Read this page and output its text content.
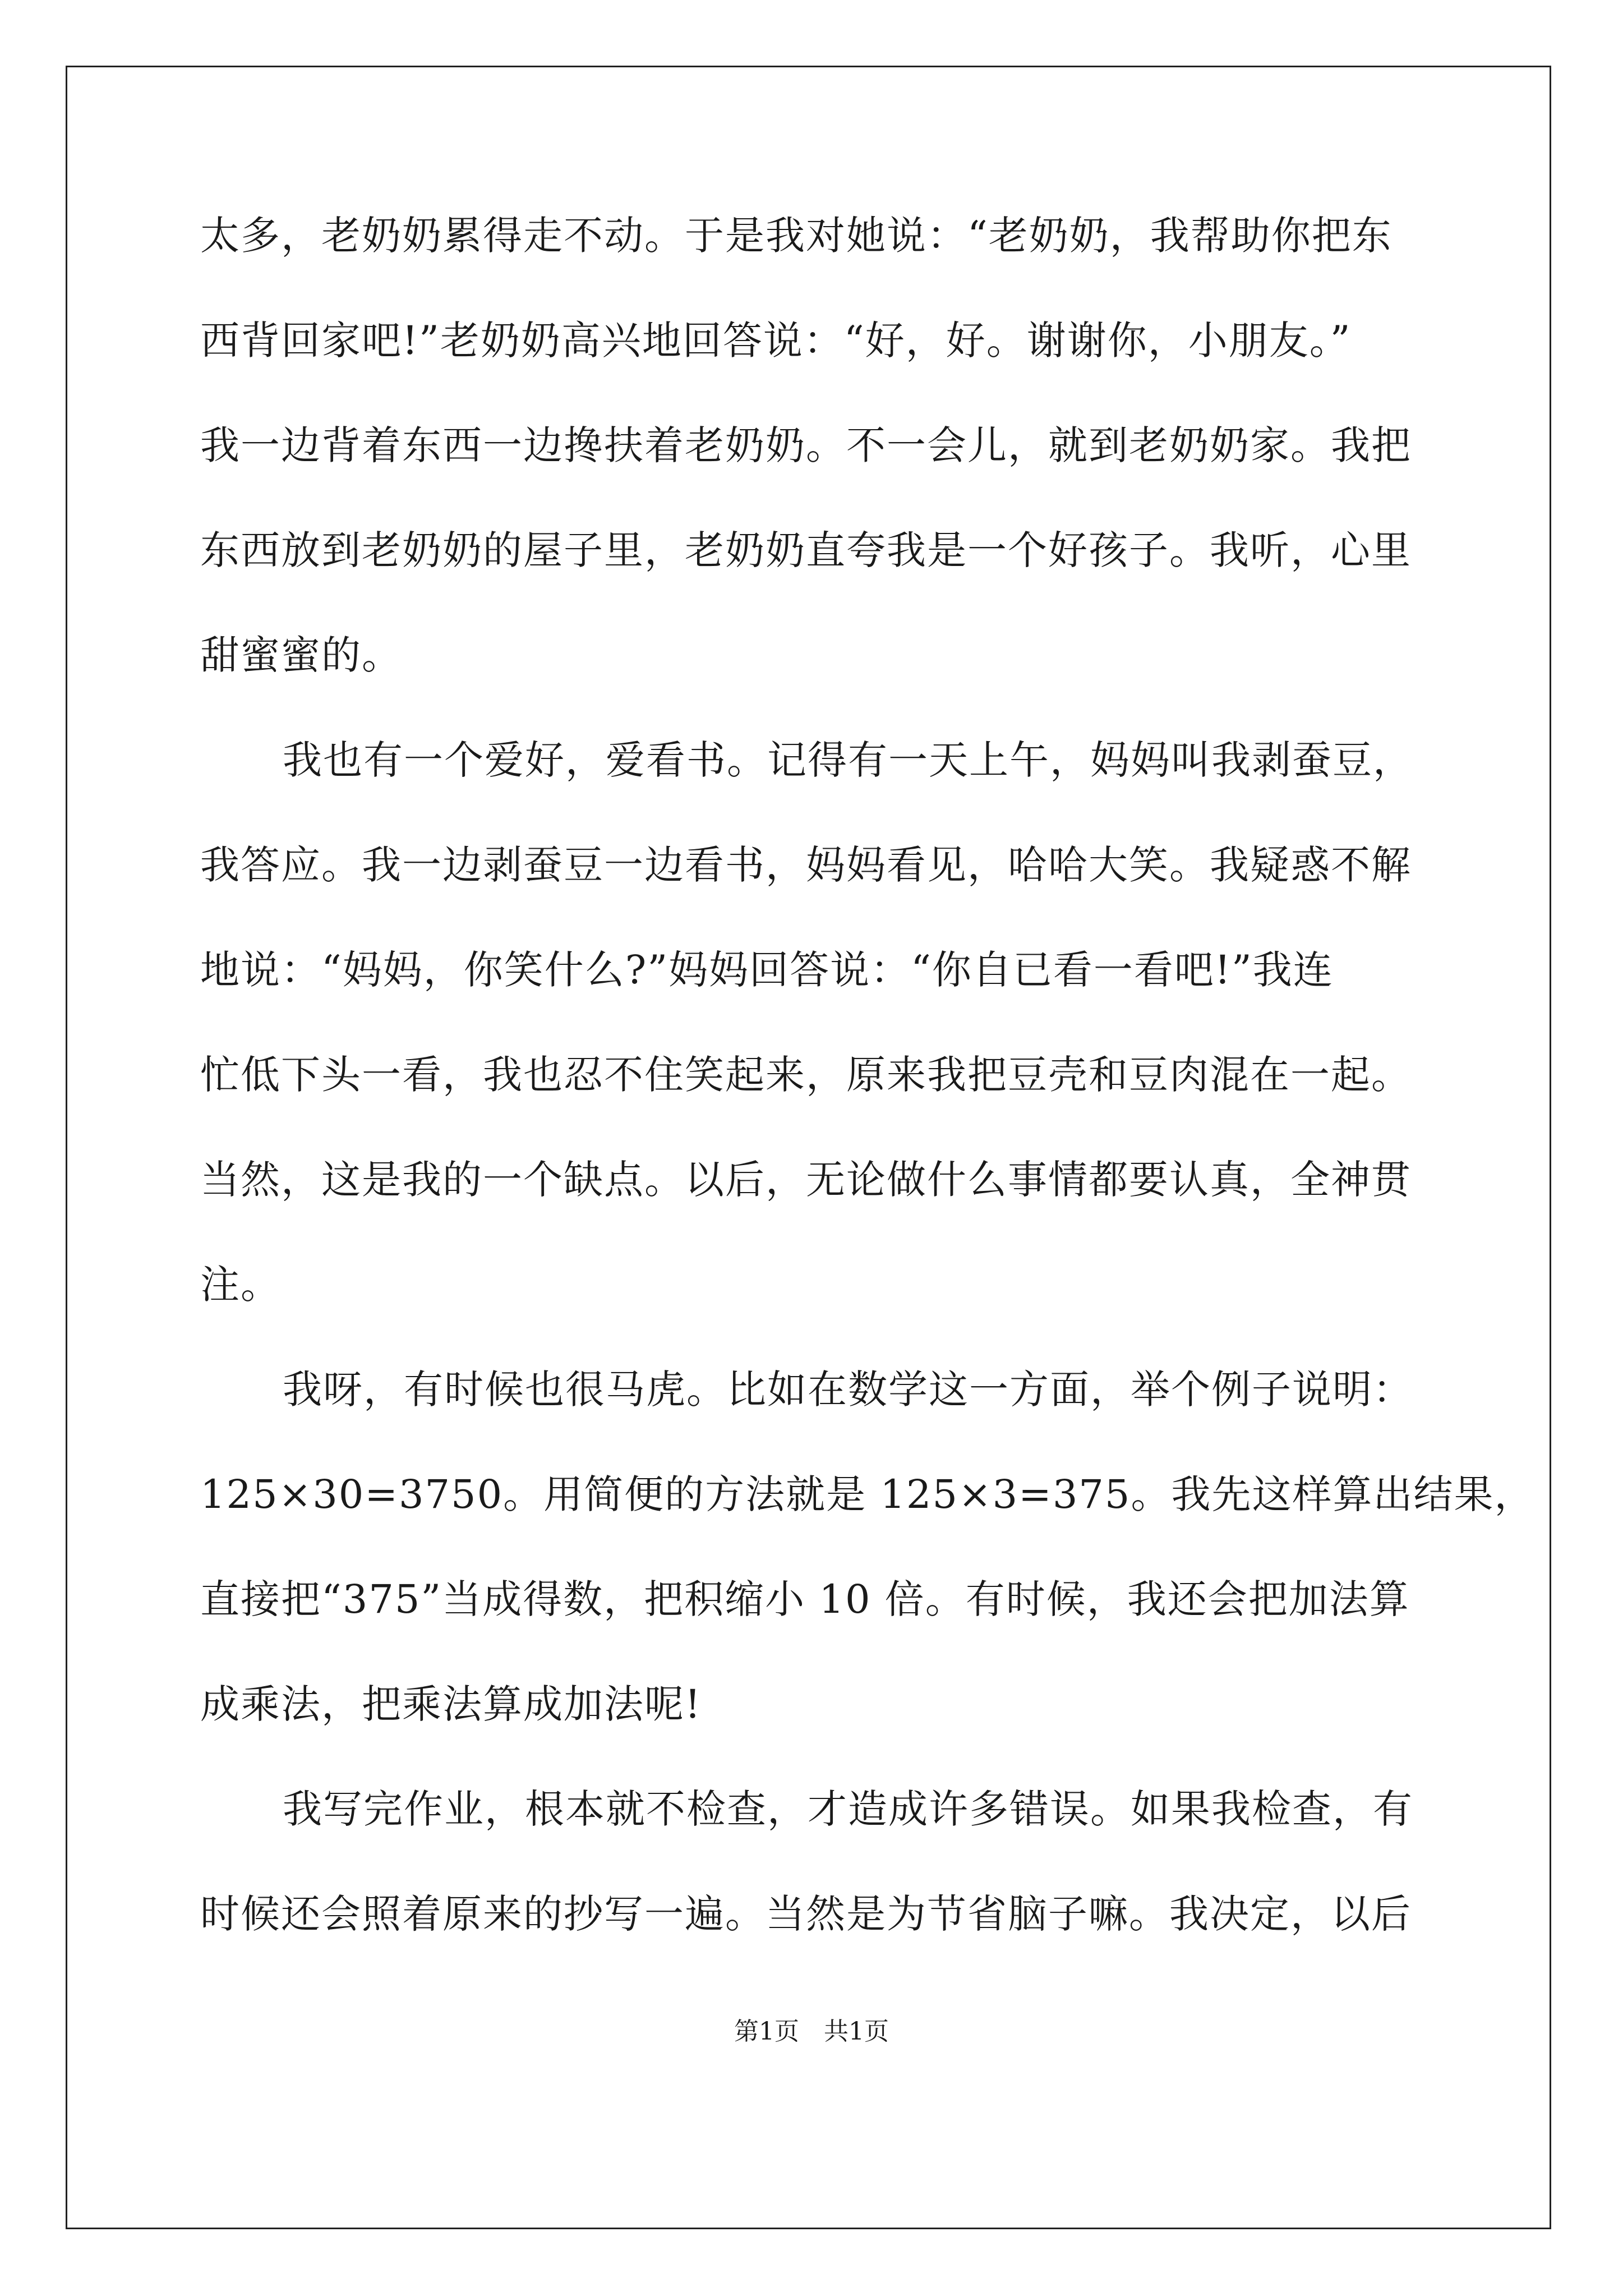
太多，老奶奶累得走不动。于是我对她说：“老奶奶，我帮助你把东
西背回家吧!”老奶奶高兴地回答说：“好，好。谢谢你，小朋友。”
我一边背着东西一边搀扶着老奶奶。不一会儿，就到老奶奶家。我把
东西放到老奶奶的屋子里，老奶奶直夸我是一个好孩子。我听，心里
甜蜜蜜的。
我也有一个爱好，爱看书。记得有一天上午，妈妈叫我剥蚕豆，
我答应。我一边剥蚕豆一边看书，妈妈看见，哈哈大笑。我疑惑不解
地说：“妈妈，你笑什么?”妈妈回答说：“你自已看一看吧!”我连
忙低下头一看，我也忍不住笑起来，原来我把豆壳和豆肉混在一起。
当然，这是我的一个缺点。以后，无论做什么事情都要认真，全神贯
注。
我呀，有时候也很马虎。比如在数学这一方面，举个例子说明：
125×30=3750。用简便的方法就是 125×3=375。我先这样算出结果，
直接把“375”当成得数，把积缩小 10 倍。有时候，我还会把加法算
成乘法，把乘法算成加法呢!
我写完作业，根本就不检查，才造成许多错误。如果我检查，有
时候还会照着原来的抄写一遍。当然是为节省脑子嘛。我决定，以后
第1页　共1页
